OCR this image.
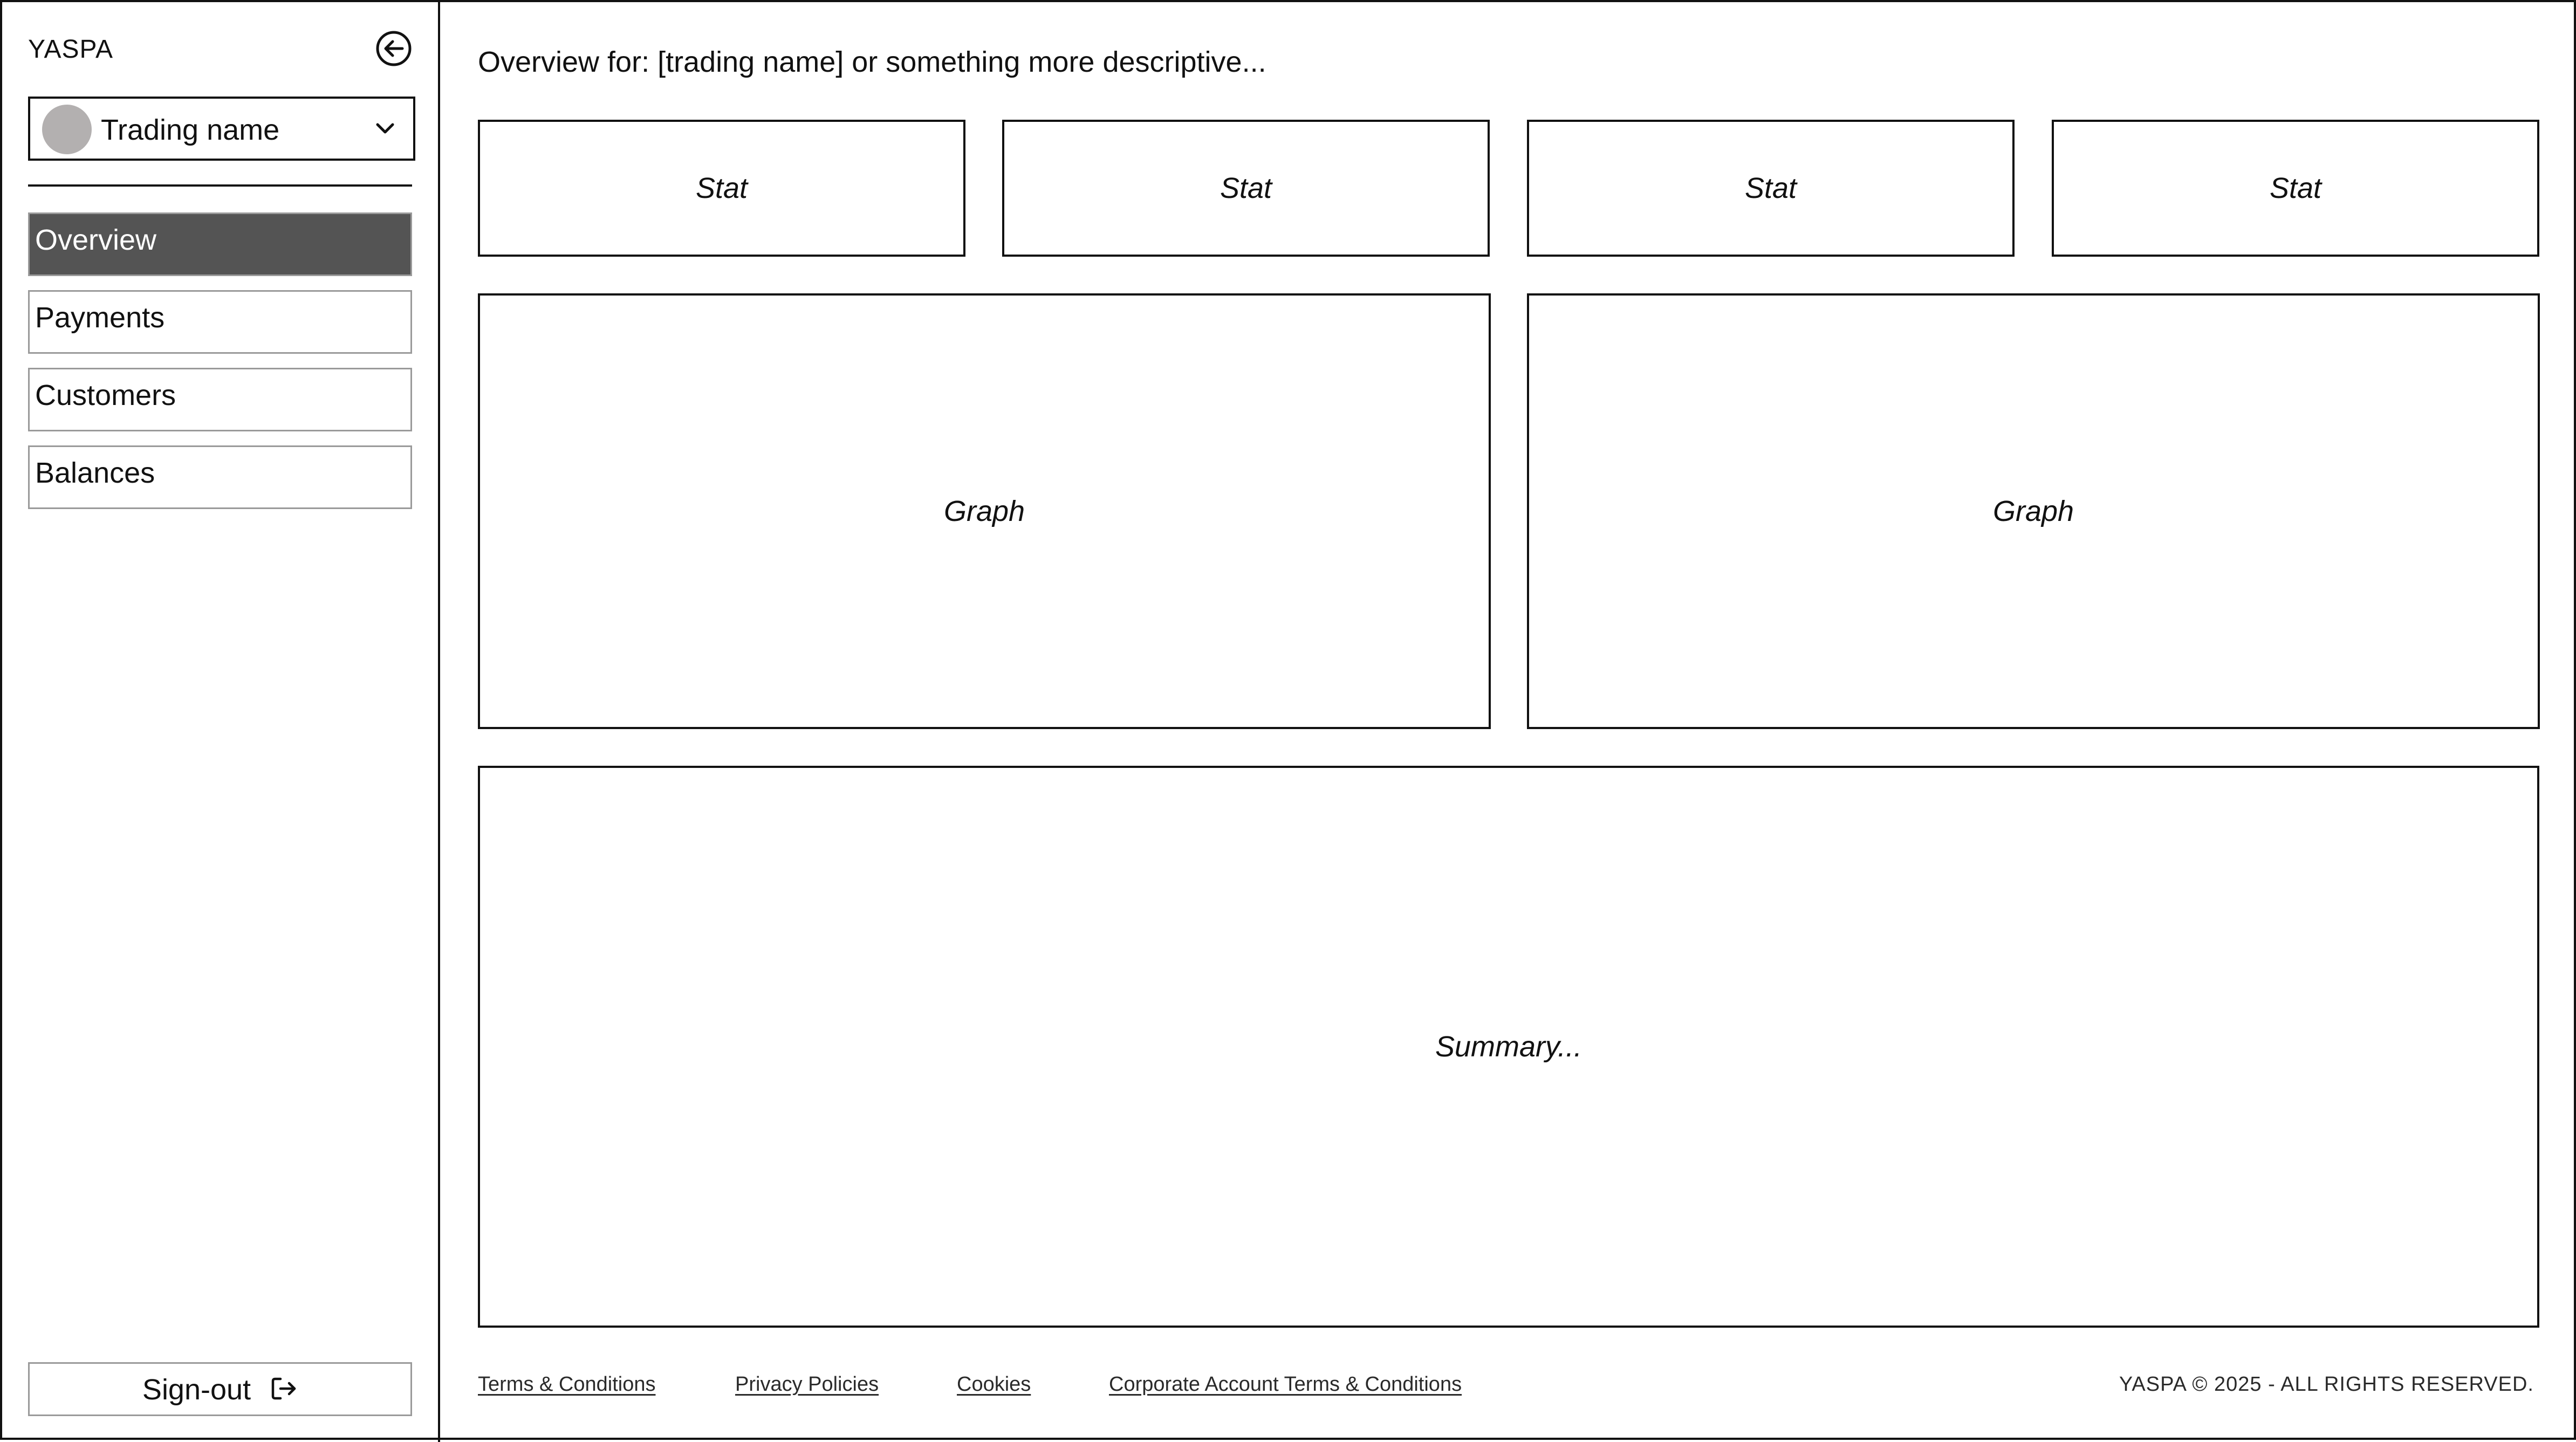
YASPA
Trading name
Overview
Payments
Customers
Balances
Sign-out
Overview for: [trading name] or something more descriptive...
Stat	Stat	Stat	Stat
Graph	Graph
Summary...
Terms & Conditions	Privacy Policies	Cookies	Corporate Account Terms & Conditions	YASPA © 2025 - ALL RIGHTS RESERVED.
